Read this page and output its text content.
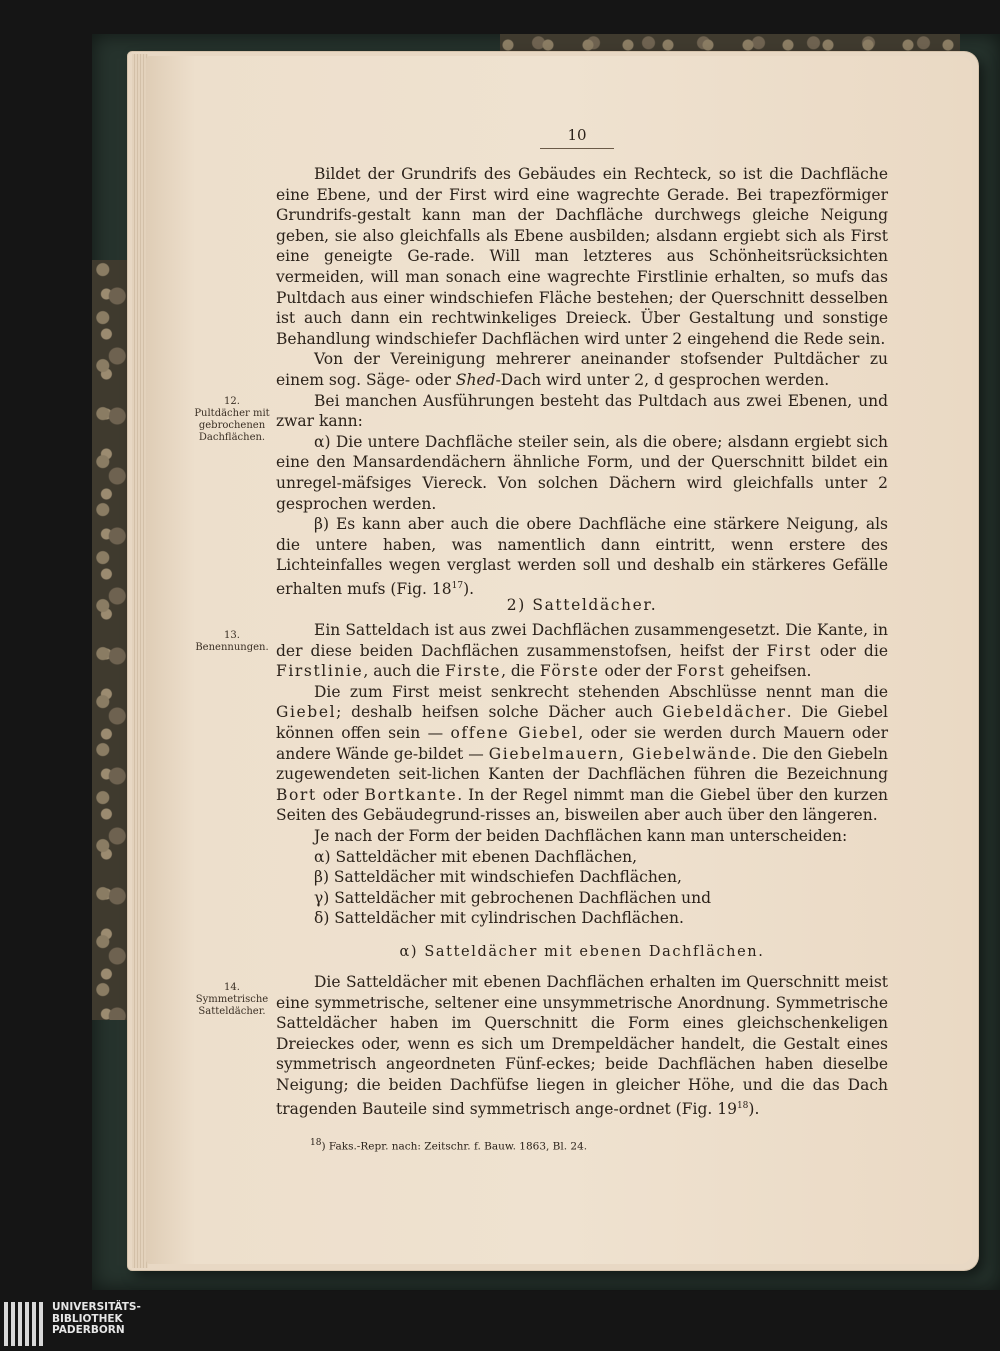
10

Bildet der Grundrifs des Gebäudes ein Rechteck, so ist die Dachfläche eine Ebene, und der First wird eine wagrechte Gerade. Bei trapezförmiger Grundrifs-gestalt kann man der Dachfläche durchwegs gleiche Neigung geben, sie also gleichfalls als Ebene ausbilden; alsdann ergiebt sich als First eine geneigte Ge-rade. Will man letzteres aus Schönheitsrücksichten vermeiden, will man sonach eine wagrechte Firstlinie erhalten, so mufs das Pultdach aus einer windschiefen Fläche bestehen; der Querschnitt desselben ist auch dann ein rechtwinkeliges Dreieck. Über Gestaltung und sonstige Behandlung windschiefer Dachflächen wird unter 2 eingehend die Rede sein.

Von der Vereinigung mehrerer aneinander stofsender Pultdächer zu einem sog. Säge- oder Shed-Dach wird unter 2, d gesprochen werden.

Bei manchen Ausführungen besteht das Pultdach aus zwei Ebenen, und zwar kann:

α) Die untere Dachfläche steiler sein, als die obere; alsdann ergiebt sich eine den Mansardendächern ähnliche Form, und der Querschnitt bildet ein unregel-mäfsiges Viereck. Von solchen Dächern wird gleichfalls unter 2 gesprochen werden.

β) Es kann aber auch die obere Dachfläche eine stärkere Neigung, als die untere haben, was namentlich dann eintritt, wenn erstere des Lichteinfalles wegen verglast werden soll und deshalb ein stärkeres Gefälle erhalten mufs (Fig. $18^{17}$).

12.
Pultdächer mit gebrochenen Dachflächen.
2) Satteldächer.
13.
Benennungen.

Ein Satteldach ist aus zwei Dachflächen zusammengesetzt. Die Kante, in der diese beiden Dachflächen zusammenstofsen, heifst der First oder die Firstlinie, auch die Firste, die Förste oder der Forst geheifsen.

Die zum First meist senkrecht stehenden Abschlüsse nennt man die Giebel; deshalb heifsen solche Dächer auch Giebeldächer. Die Giebel können offen sein — offene Giebel, oder sie werden durch Mauern oder andere Wände ge-bildet — Giebelmauern, Giebelwände. Die den Giebeln zugewendeten seit-lichen Kanten der Dachflächen führen die Bezeichnung Bort oder Bortkante. In der Regel nimmt man die Giebel über den kurzen Seiten des Gebäudegrund-risses an, bisweilen aber auch über den längeren.

Je nach der Form der beiden Dachflächen kann man unterscheiden:

α) Satteldächer mit ebenen Dachflächen,

β) Satteldächer mit windschiefen Dachflächen,

γ) Satteldächer mit gebrochenen Dachflächen und

δ) Satteldächer mit cylindrischen Dachflächen.

α) Satteldächer mit ebenen Dachflächen.
14.
Symmetrische Satteldächer.

Die Satteldächer mit ebenen Dachflächen erhalten im Querschnitt meist eine symmetrische, seltener eine unsymmetrische Anordnung. Symmetrische Satteldächer haben im Querschnitt die Form eines gleichschenkeligen Dreieckes oder, wenn es sich um Drempeldächer handelt, die Gestalt eines symmetrisch angeordneten Fünf-eckes; beide Dachflächen haben dieselbe Neigung; die beiden Dachfüfse liegen in gleicher Höhe, und die das Dach tragenden Bauteile sind symmetrisch ange-ordnet (Fig. $19^{18}$).

$^{18}$) Faks.-Repr. nach: Zeitschr. f. Bauw. 1863, Bl. 24.
UNIVERSITÄTS-
BIBLIOTHEK
PADERBORN
